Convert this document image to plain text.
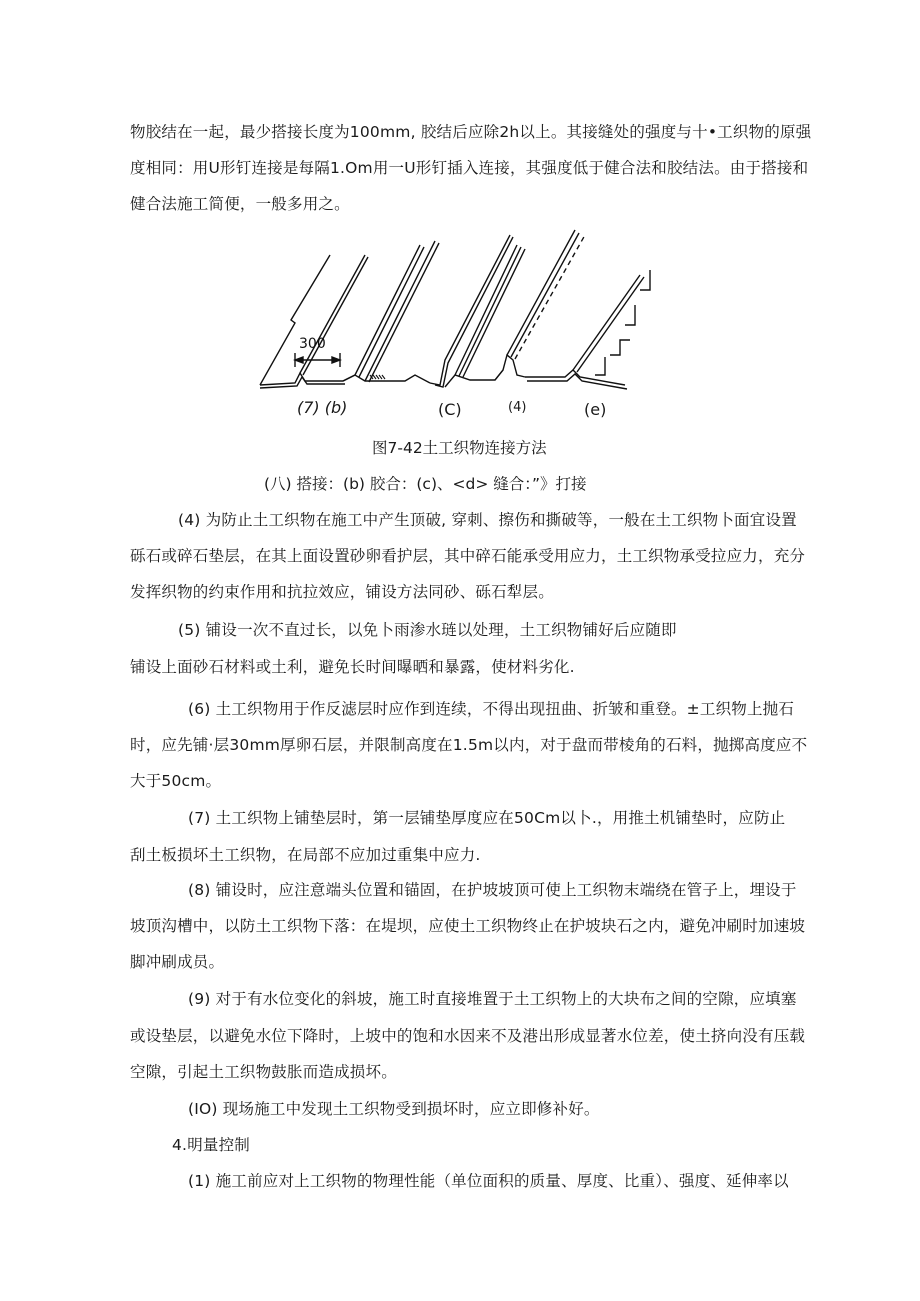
物胶结在一起，最少搭接长度为100mm, 胶结后应除2h以上。其接缝处的强度与十•工织物的原强
度相同：用U形钉连接是每隔1.Om用一U形钉插入连接，其强度低于健合法和胶结法。由于搭接和
健合法施工简便，一般多用之。
300
(7) (b)	(C)	(4)	(e)
图7-42土工织物连接方法
(八) 搭接：(b) 胶合：(c)、<d> 缝合：”》打接
(4) 为防止土工织物在施工中产生顶破, 穿刺、擦伤和撕破等，一般在土工织物卜面宜设置
砾石或碎石垫层，在其上面设置砂卵看护层，其中碎石能承受用应力，土工织物承受拉应力，充分
发挥织物的约束作用和抗拉效应，铺设方法同砂、砾石犁层。
(5) 铺设一次不直过长，以免卜雨渗水琏以处理，土工织物铺好后应随即
铺设上面砂石材料或土利，避免长时间曝晒和暴露，使材料劣化.
(6) 土工织物用于作反滤层时应作到连续，不得出现扭曲、折皱和重登。±工织物上抛石
时，应先铺·层30mm厚卵石层，并限制高度在1.5m以内，对于盘而带棱角的石料，抛掷高度应不
大于50cm。
(7) 土工织物上铺垫层时，第一层铺垫厚度应在50Cm以卜.，用推土机铺垫时，应防止
刮土板损坏土工织物，在局部不应加过重集中应力.
(8) 铺设时，应注意端头位置和锚固，在护坡坡顶可使上工织物末端绕在管子上，埋设于
坡顶沟槽中，以防土工织物下落：在堤坝，应使土工织物终止在护坡块石之内，避免冲刷时加速坡
脚冲刷成员。
(9) 对于有水位变化的斜坡，施工时直接堆置于土工织物上的大块布之间的空隙，应填塞
或设垫层，以避免水位下降时，上坡中的饱和水因来不及港出形成显著水位差，使土挤向没有压载
空隙，引起土工织物鼓胀而造成损坏。
(IO) 现场施工中发现土工织物受到损坏时，应立即修补好。
4.明量控制
(1) 施工前应对上工织物的物理性能（单位面积的质量、厚度、比重）、强度、延伸率以
